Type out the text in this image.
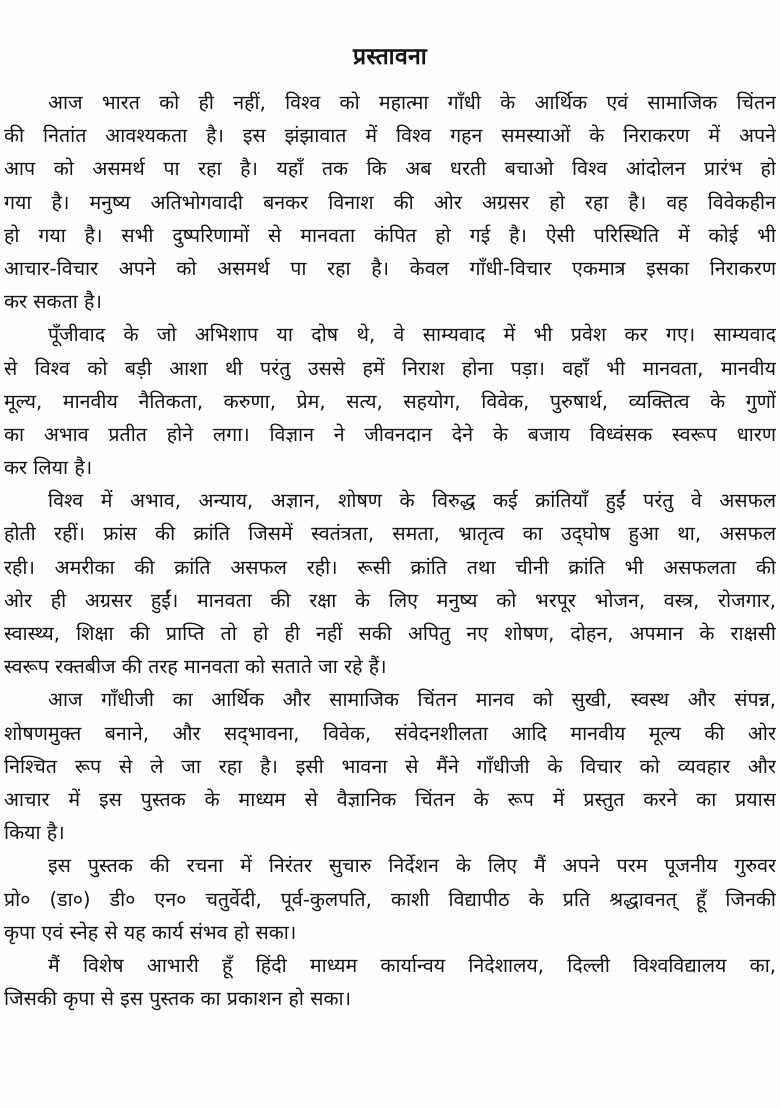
प्रस्तावना
आज भारत को ही नहीं, विश्व को महात्मा गाँधी के आर्थिक एवं सामाजिक चिंतन
की नितांत आवश्यकता है। इस झंझावात में विश्व गहन समस्याओं के निराकरण में अपने
आप को असमर्थ पा रहा है। यहाँ तक कि अब धरती बचाओ विश्व आंदोलन प्रारंभ हो
गया है। मनुष्य अतिभोगवादी बनकर विनाश की ओर अग्रसर हो रहा है। वह विवेकहीन
हो गया है। सभी दुष्परिणामों से मानवता कंपित हो गई है। ऐसी परिस्थिति में कोई भी
आचार-विचार अपने को असमर्थ पा रहा है। केवल गाँधी-विचार एकमात्र इसका निराकरण
कर सकता है।
पूँजीवाद के जो अभिशाप या दोष थे, वे साम्यवाद में भी प्रवेश कर गए। साम्यवाद
से विश्व को बड़ी आशा थी परंतु उससे हमें निराश होना पड़ा। वहाँ भी मानवता, मानवीय
मूल्य, मानवीय नैतिकता, करुणा, प्रेम, सत्य, सहयोग, विवेक, पुरुषार्थ, व्यक्तित्व के गुणों
का अभाव प्रतीत होने लगा। विज्ञान ने जीवनदान देने के बजाय विध्वंसक स्वरूप धारण
कर लिया है।
विश्व में अभाव, अन्याय, अज्ञान, शोषण के विरुद्ध कई क्रांतियाँ हुईं परंतु वे असफल
होती रहीं। फ्रांस की क्रांति जिसमें स्वतंत्रता, समता, भ्रातृत्व का उद्‌घोष हुआ था, असफल
रही। अमरीका की क्रांति असफल रही। रूसी क्रांति तथा चीनी क्रांति भी असफलता की
ओर ही अग्रसर हुईं। मानवता की रक्षा के लिए मनुष्य को भरपूर भोजन, वस्त्र, रोजगार,
स्वास्थ्य, शिक्षा की प्राप्ति तो हो ही नहीं सकी अपितु नए शोषण, दोहन, अपमान के राक्षसी
स्वरूप रक्तबीज की तरह मानवता को सताते जा रहे हैं।
आज गाँधीजी का आर्थिक और सामाजिक चिंतन मानव को सुखी, स्वस्थ और संपन्न,
शोषणमुक्त बनाने, और सद्‌भावना, विवेक, संवेदनशीलता आदि मानवीय मूल्य की ओर
निश्चित रूप से ले जा रहा है। इसी भावना से मैंने गाँधीजी के विचार को व्यवहार और
आचार में इस पुस्तक के माध्यम से वैज्ञानिक चिंतन के रूप में प्रस्तुत करने का प्रयास
किया है।
इस पुस्तक की रचना में निरंतर सुचारु निर्देशन के लिए मैं अपने परम पूजनीय गुरुवर
प्रो० (डा०) डी० एन० चतुर्वेदी, पूर्व-कुलपति, काशी विद्यापीठ के प्रति श्रद्धावनत् हूँ जिनकी
कृपा एवं स्नेह से यह कार्य संभव हो सका।
मैं विशेष आभारी हूँ हिंदी माध्यम कार्यान्वय निदेशालय, दिल्ली विश्वविद्यालय का,
जिसकी कृपा से इस पुस्तक का प्रकाशन हो सका।
